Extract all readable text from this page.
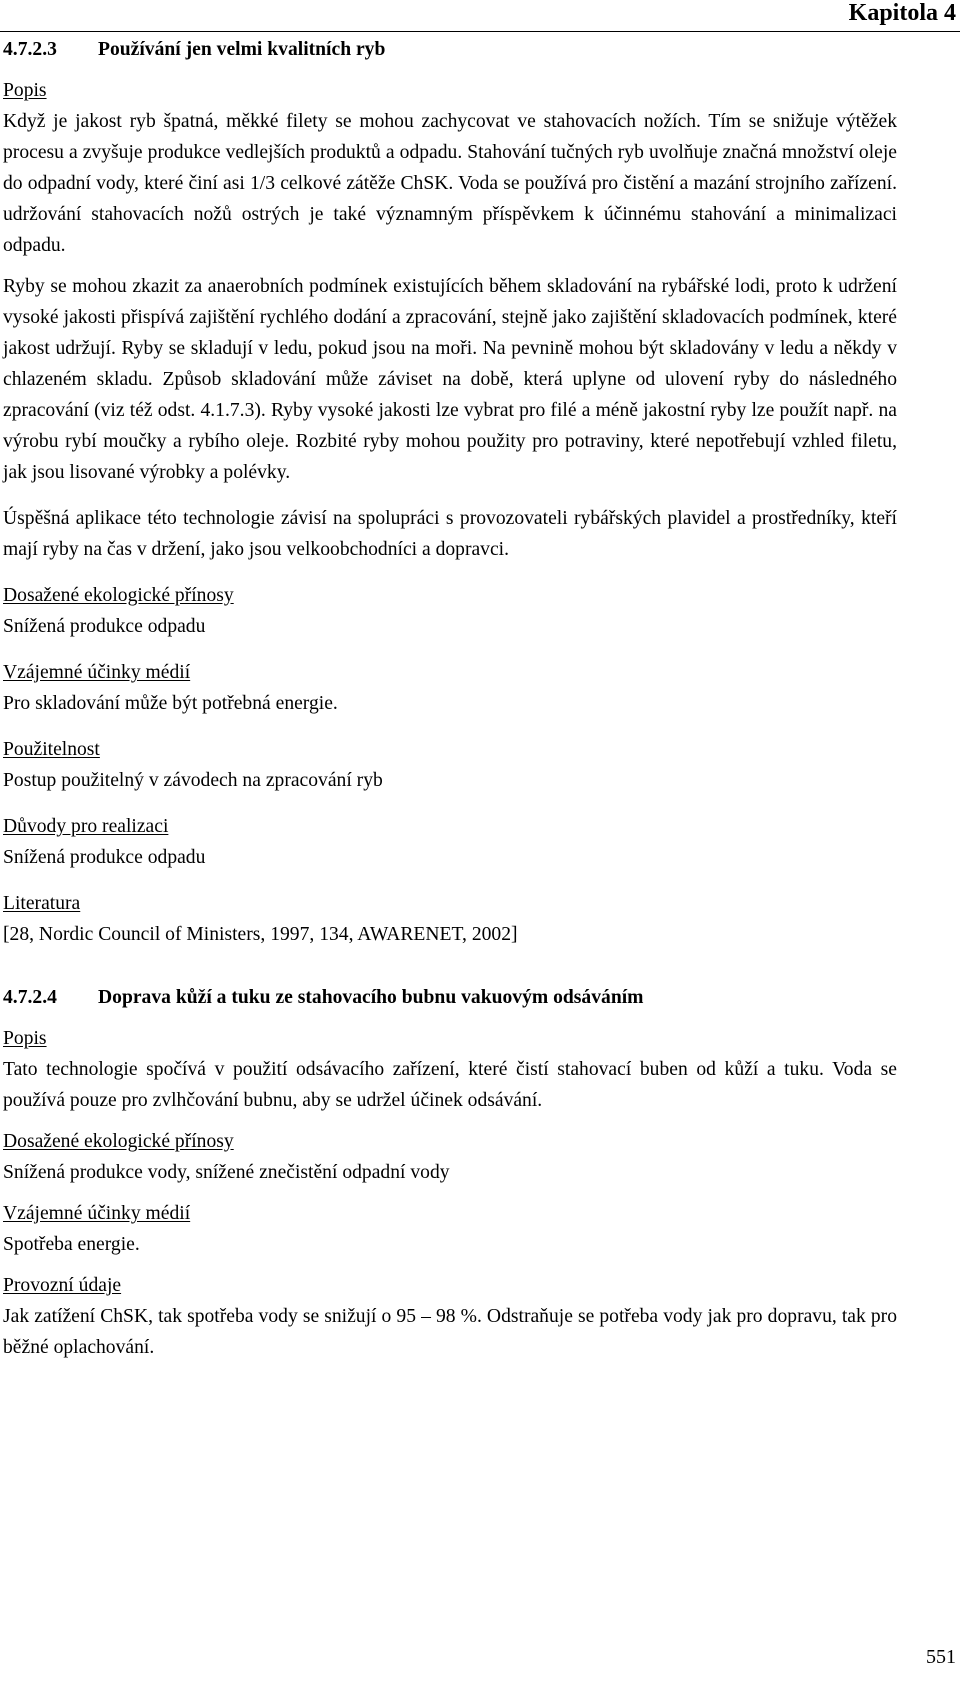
Kapitola 4
4.7.2.3	Používání jen velmi kvalitních ryb

Popis

Když je jakost ryb špatná, měkké filety se mohou zachycovat ve stahovacích nožích. Tím se snižuje výtěžek procesu a zvyšuje produkce vedlejších produktů a odpadu. Stahování tučných ryb uvolňuje značná množství oleje do odpadní vody, které činí asi 1/3 celkové zátěže ChSK. Voda se používá pro čistění a mazání strojního zařízení. udržování stahovacích nožů ostrých je také významným příspěvkem k účinnému stahování a minimalizaci odpadu.

Ryby se mohou zkazit za anaerobních podmínek existujících během skladování na rybářské lodi, proto k udržení vysoké jakosti přispívá zajištění rychlého dodání a zpracování, stejně jako zajištění skladovacích podmínek, které jakost udržují. Ryby se skladují v ledu, pokud jsou na moři. Na pevnině mohou být skladovány v ledu a někdy v chlazeném skladu. Způsob skladování může záviset na době, která uplyne od ulovení ryby do následného zpracování (viz též odst. 4.1.7.3). Ryby vysoké jakosti lze vybrat pro filé a méně jakostní ryby lze použít např. na výrobu rybí moučky a rybího oleje. Rozbité ryby mohou použity pro potraviny, které nepotřebují vzhled filetu, jak jsou lisované výrobky a polévky.

Úspěšná aplikace této technologie závisí na spolupráci s provozovateli rybářských plavidel a prostředníky, kteří mají ryby na čas v držení, jako jsou velkoobchodníci a dopravci.

Dosažené ekologické přínosy

Snížená produkce odpadu

Vzájemné účinky médií

Pro skladování může být potřebná energie.

Použitelnost

Postup použitelný v závodech na zpracování ryb

Důvody pro realizaci

Snížená produkce odpadu

Literatura

[28, Nordic Council of Ministers, 1997, 134, AWARENET, 2002]

4.7.2.4	Doprava kůží a tuku ze stahovacího bubnu vakuovým odsáváním

Popis

Tato technologie spočívá v použití odsávacího zařízení, které čistí stahovací buben od kůží a tuku. Voda se používá pouze pro zvlhčování bubnu, aby se udržel účinek odsávání.

Dosažené ekologické přínosy

Snížená produkce vody, snížené znečistění odpadní vody

Vzájemné účinky médií

Spotřeba energie.

Provozní údaje

Jak zatížení ChSK, tak spotřeba vody se snižují o 95 – 98 %. Odstraňuje se potřeba vody jak pro dopravu, tak pro běžné oplachování.

551
